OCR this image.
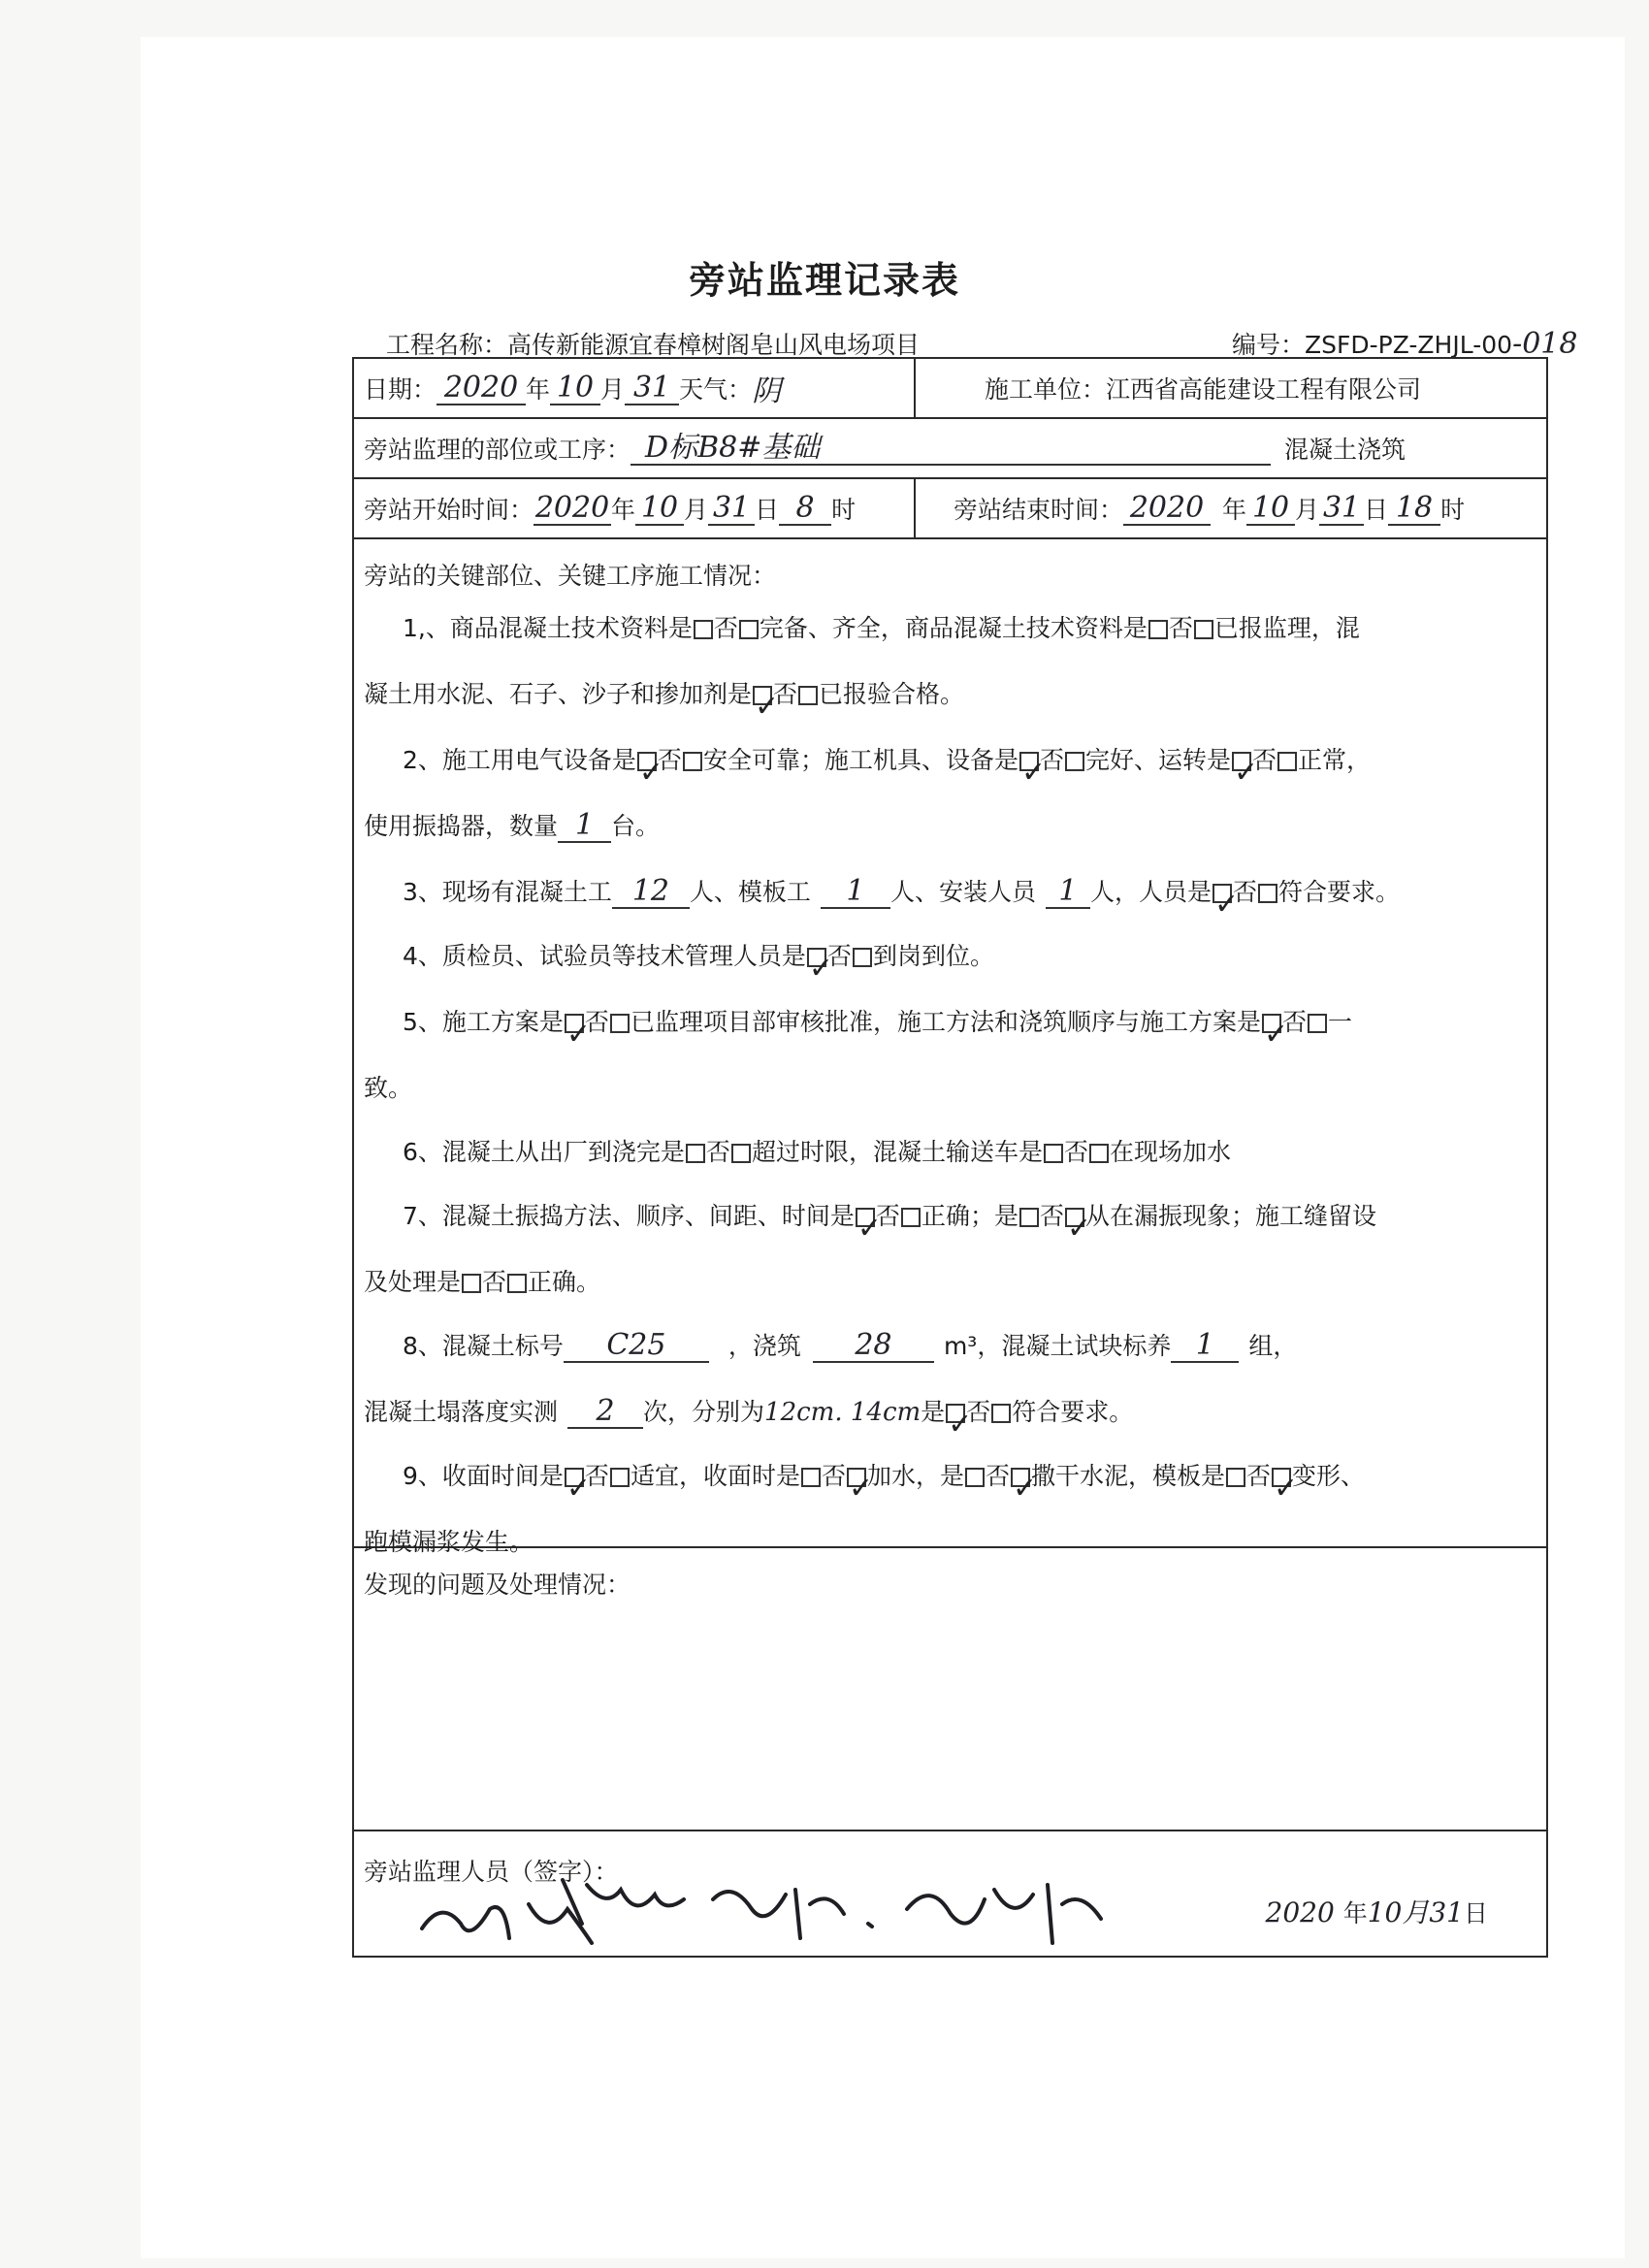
旁站监理记录表
工程名称：高传新能源宜春樟树阁皂山风电场项目	编号：ZSFD-PZ-ZHJL-00-018
日期： 2020 年 10 月 31 天气： 阴	施工单位： 江西省高能建设工程有限公司
旁站监理的部位或工序： D标B8#基础	混凝土浇筑
旁站开始时间： 2020 年 10 月 31 日 8 时	旁站结束时间： 2020 年 10 月 31 日 18 时
旁站的关键部位、关键工序施工情况：
1,、商品混凝土技术资料是 否 完备、齐全，商品混凝土技术资料是 否 已报监理，混
凝土用水泥、石子、沙子和掺加剂是 ✓ 否 已报验合格。
2、施工用电气设备是 ✓ 否 安全可靠；施工机具、设备是 ✓ 否 完好、运转是 ✓ 否 正常，
使用振捣器，数量 1 台。
3、现场有混凝土工 12 人、模板工 1 人、安装人员 1 人，人员是 ✓ 否 符合要求。
4、质检员、试验员等技术管理人员是 ✓ 否 到岗到位。
5、施工方案是 ✓ 否 已监理项目部审核批准，施工方法和浇筑顺序与施工方案是 ✓ 否 一
致。
6、混凝土从出厂到浇完是 否 超过时限，混凝土输送车是 否 在现场加水
7、混凝土振捣方法、顺序、间距、时间是 ✓ 否 正确；是 否 ✓ 从在漏振现象；施工缝留设
及处理是 否 正确。
8、混凝土标号 C25	，浇筑 28 m³，混凝土试块标养 1 组，
混凝土塌落度实测 2 次，分别为12cm. 14cm是 ✓ 否 符合要求。
9、收面时间是 ✓ 否 适宜，收面时是 否 ✓ 加水，是 否 ✓ 撒干水泥，模板是 否 ✓ 变形、
跑模漏浆发生。
发现的问题及处理情况：
旁站监理人员（签字）：
2020 年10月31日
